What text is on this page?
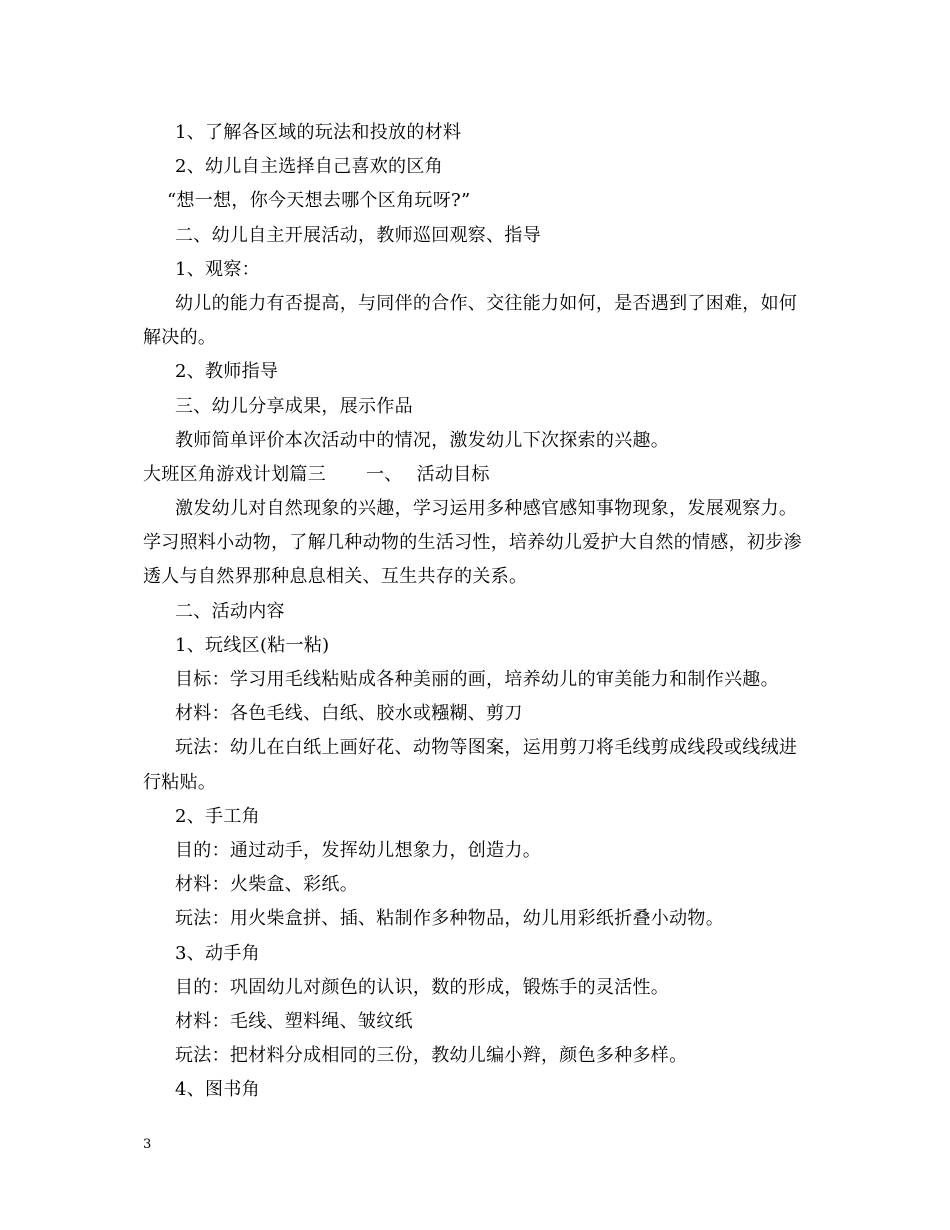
1、了解各区域的玩法和投放的材料
2、幼儿自主选择自己喜欢的区角
“想一想，你今天想去哪个区角玩呀?”
二、幼儿自主开展活动，教师巡回观察、指导
1、观察：
幼儿的能力有否提高，与同伴的合作、交往能力如何，是否遇到了困难，如何
解决的。
2、教师指导
三、幼儿分享成果，展示作品
教师简单评价本次活动中的情况，激发幼儿下次探索的兴趣。
大班区角游戏计划篇三 一、 活动目标
激发幼儿对自然现象的兴趣，学习运用多种感官感知事物现象，发展观察力。
学习照料小动物，了解几种动物的生活习性，培养幼儿爱护大自然的情感，初步渗
透人与自然界那种息息相关、互生共存的关系。
二、活动内容
1、玩线区(粘一粘)
目标：学习用毛线粘贴成各种美丽的画，培养幼儿的审美能力和制作兴趣。
材料：各色毛线、白纸、胶水或糨糊、剪刀
玩法：幼儿在白纸上画好花、动物等图案，运用剪刀将毛线剪成线段或线绒进
行粘贴。
2、手工角
目的：通过动手，发挥幼儿想象力，创造力。
材料：火柴盒、彩纸。
玩法：用火柴盒拼、插、粘制作多种物品，幼儿用彩纸折叠小动物。
3、动手角
目的：巩固幼儿对颜色的认识，数的形成，锻炼手的灵活性。
材料：毛线、塑料绳、皱纹纸
玩法：把材料分成相同的三份，教幼儿编小辫，颜色多种多样。
4、图书角
3
